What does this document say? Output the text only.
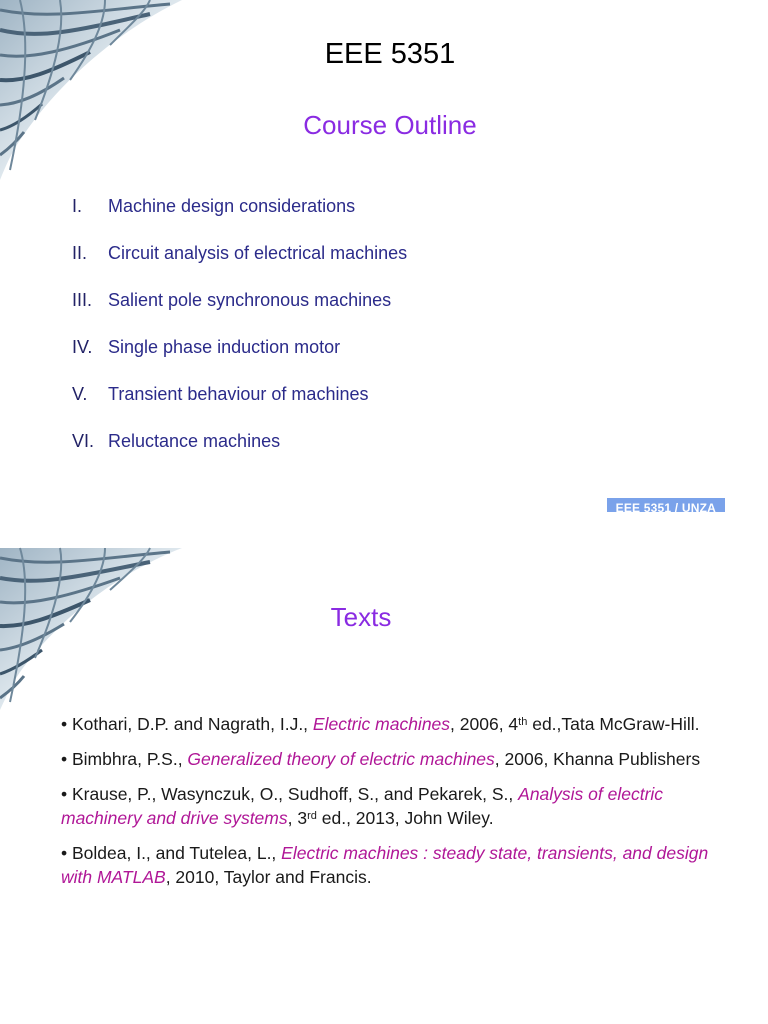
EEE 5351
Course Outline
I.	Machine design considerations
II.	Circuit analysis of electrical machines
III. Salient pole synchronous machines
IV. Single phase induction motor
V.	Transient behaviour of machines
VI. Reluctance machines
EEE 5351 / UNZA
Texts
• Kothari, D.P. and Nagrath, I.J., Electric machines, 2006, 4th ed.,Tata McGraw-Hill.
• Bimbhra, P.S., Generalized theory of electric machines, 2006, Khanna Publishers
• Krause, P., Wasynczuk, O., Sudhoff, S., and Pekarek, S., Analysis of electric machinery and drive systems, 3rd ed., 2013, John Wiley.
• Boldea, I., and Tutelea, L., Electric machines : steady state, transients, and design with MATLAB, 2010, Taylor and Francis.
